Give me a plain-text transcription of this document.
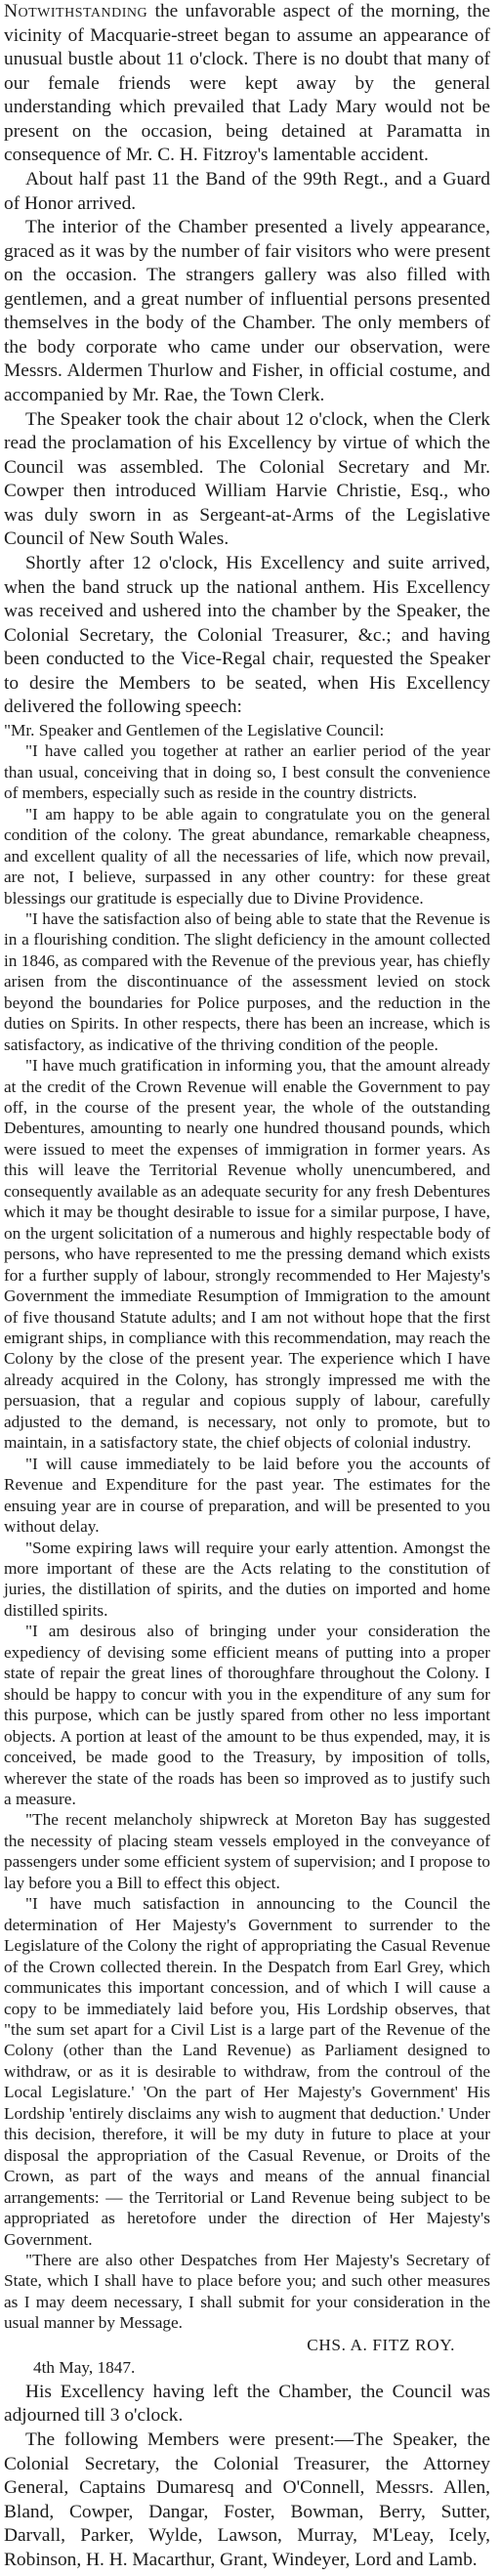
Notwithstanding the unfavorable aspect of the morning, the vicinity of Macquarie-street began to assume an appearance of unusual bustle about 11 o'clock. There is no doubt that many of our female friends were kept away by the general understanding which prevailed that Lady Mary would not be present on the occasion, being detained at Paramatta in consequence of Mr. C. H. Fitzroy's lamentable accident.

About half past 11 the Band of the 99th Regt., and a Guard of Honor arrived.

The interior of the Chamber presented a lively appearance, graced as it was by the number of fair visitors who were present on the occasion. The strangers gallery was also filled with gentlemen, and a great number of influential persons presented themselves in the body of the Chamber. The only members of the body corporate who came under our observation, were Messrs. Aldermen Thurlow and Fisher, in official costume, and accompanied by Mr. Rae, the Town Clerk.

The Speaker took the chair about 12 o'clock, when the Clerk read the proclamation of his Excellency by virtue of which the Council was assembled. The Colonial Secretary and Mr. Cowper then introduced William Harvie Christie, Esq., who was duly sworn in as Sergeant-at-Arms of the Legislative Council of New South Wales.

Shortly after 12 o'clock, His Excellency and suite arrived, when the band struck up the national anthem. His Excellency was received and ushered into the chamber by the Speaker, the Colonial Secretary, the Colonial Treasurer, &c.; and having been conducted to the Vice-Regal chair, requested the Speaker to desire the Members to be seated, when His Excellency delivered the following speech:

"Mr. Speaker and Gentlemen of the Legislative Council:

"I have called you together at rather an earlier period of the year than usual, conceiving that in doing so, I best consult the convenience of members, especially such as reside in the country districts.

"I am happy to be able again to congratulate you on the general condition of the colony. The great abundance, remarkable cheapness, and excellent quality of all the necessaries of life, which now prevail, are not, I believe, surpassed in any other country: for these great blessings our gratitude is especially due to Divine Providence.

"I have the satisfaction also of being able to state that the Revenue is in a flourishing condition. The slight deficiency in the amount collected in 1846, as compared with the Revenue of the previous year, has chiefly arisen from the discontinuance of the assessment levied on stock beyond the boundaries for Police purposes, and the reduction in the duties on Spirits. In other respects, there has been an increase, which is satisfactory, as indicative of the thriving condition of the people.

"I have much gratification in informing you, that the amount already at the credit of the Crown Revenue will enable the Government to pay off, in the course of the present year, the whole of the outstanding Debentures, amounting to nearly one hundred thousand pounds, which were issued to meet the expenses of immigration in former years. As this will leave the Territorial Revenue wholly unencumbered, and consequently available as an adequate security for any fresh Debentures which it may be thought desirable to issue for a similar purpose, I have, on the urgent solicitation of a numerous and highly respectable body of persons, who have represented to me the pressing demand which exists for a further supply of labour, strongly recommended to Her Majesty's Government the immediate Resumption of Immigration to the amount of five thousand Statute adults; and I am not without hope that the first emigrant ships, in compliance with this recommendation, may reach the Colony by the close of the present year. The experience which I have already acquired in the Colony, has strongly impressed me with the persuasion, that a regular and copious supply of labour, carefully adjusted to the demand, is necessary, not only to promote, but to maintain, in a satisfactory state, the chief objects of colonial industry.

"I will cause immediately to be laid before you the accounts of Revenue and Expenditure for the past year. The estimates for the ensuing year are in course of preparation, and will be presented to you without delay.

"Some expiring laws will require your early attention. Amongst the more important of these are the Acts relating to the constitution of juries, the distillation of spirits, and the duties on imported and home distilled spirits.

"I am desirous also of bringing under your consideration the expediency of devising some efficient means of putting into a proper state of repair the great lines of thoroughfare throughout the Colony. I should be happy to concur with you in the expenditure of any sum for this purpose, which can be justly spared from other no less important objects. A portion at least of the amount to be thus expended, may, it is conceived, be made good to the Treasury, by imposition of tolls, wherever the state of the roads has been so improved as to justify such a measure.

"The recent melancholy shipwreck at Moreton Bay has suggested the necessity of placing steam vessels employed in the conveyance of passengers under some efficient system of supervision; and I propose to lay before you a Bill to effect this object.

"I have much satisfaction in announcing to the Council the determination of Her Majesty's Government to surrender to the Legislature of the Colony the right of appropriating the Casual Revenue of the Crown collected therein. In the Despatch from Earl Grey, which communicates this important concession, and of which I will cause a copy to be immediately laid before you, His Lordship observes, that "the sum set apart for a Civil List is a large part of the Revenue of the Colony (other than the Land Revenue) as Parliament designed to withdraw, or as it is desirable to withdraw, from the controul of the Local Legislature.' 'On the part of Her Majesty's Government' His Lordship 'entirely disclaims any wish to augment that deduction.' Under this decision, therefore, it will be my duty in future to place at your disposal the appropriation of the Casual Revenue, or Droits of the Crown, as part of the ways and means of the annual financial arrangements: — the Territorial or Land Revenue being subject to be appropriated as heretofore under the direction of Her Majesty's Government.

"There are also other Despatches from Her Majesty's Secretary of State, which I shall have to place before you; and such other measures as I may deem necessary, I shall submit for your consideration in the usual manner by Message.

CHS. A. FITZ ROY.

4th May, 1847.

His Excellency having left the Chamber, the Council was adjourned till 3 o'clock.

The following Members were present:—The Speaker, the Colonial Secretary, the Colonial Treasurer, the Attorney General, Captains Dumaresq and O'Connell, Messrs. Allen, Bland, Cowper, Dangar, Foster, Bowman, Berry, Sutter, Darvall, Parker, Wylde, Lawson, Murray, M'Leay, Icely, Robinson, H. H. Macarthur, Grant, Windeyer, Lord and Lamb.
